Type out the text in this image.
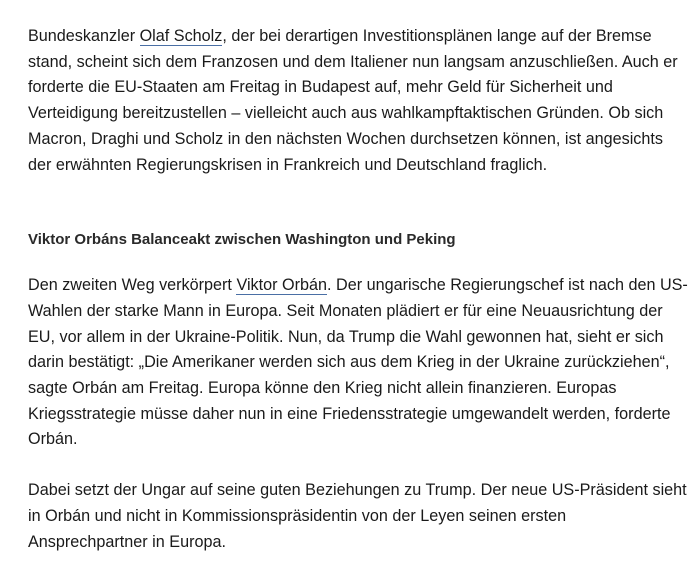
Bundeskanzler Olaf Scholz, der bei derartigen Investitionsplänen lange auf der Bremse stand, scheint sich dem Franzosen und dem Italiener nun langsam anzuschließen. Auch er forderte die EU-Staaten am Freitag in Budapest auf, mehr Geld für Sicherheit und Verteidigung bereitzustellen – vielleicht auch aus wahlkampftaktischen Gründen. Ob sich Macron, Draghi und Scholz in den nächsten Wochen durchsetzen können, ist angesichts der erwähnten Regierungskrisen in Frankreich und Deutschland fraglich.

Viktor Orbáns Balanceakt zwischen Washington und Peking

Den zweiten Weg verkörpert Viktor Orbán. Der ungarische Regierungschef ist nach den US-Wahlen der starke Mann in Europa. Seit Monaten plädiert er für eine Neuausrichtung der EU, vor allem in der Ukraine-Politik. Nun, da Trump die Wahl gewonnen hat, sieht er sich darin bestätigt: „Die Amerikaner werden sich aus dem Krieg in der Ukraine zurückziehen“, sagte Orbán am Freitag. Europa könne den Krieg nicht allein finanzieren. Europas Kriegsstrategie müsse daher nun in eine Friedensstrategie umgewandelt werden, forderte Orbán.

Dabei setzt der Ungar auf seine guten Beziehungen zu Trump. Der neue US-Präsident sieht in Orbán und nicht in Kommissionspräsidentin von der Leyen seinen ersten Ansprechpartner in Europa.
